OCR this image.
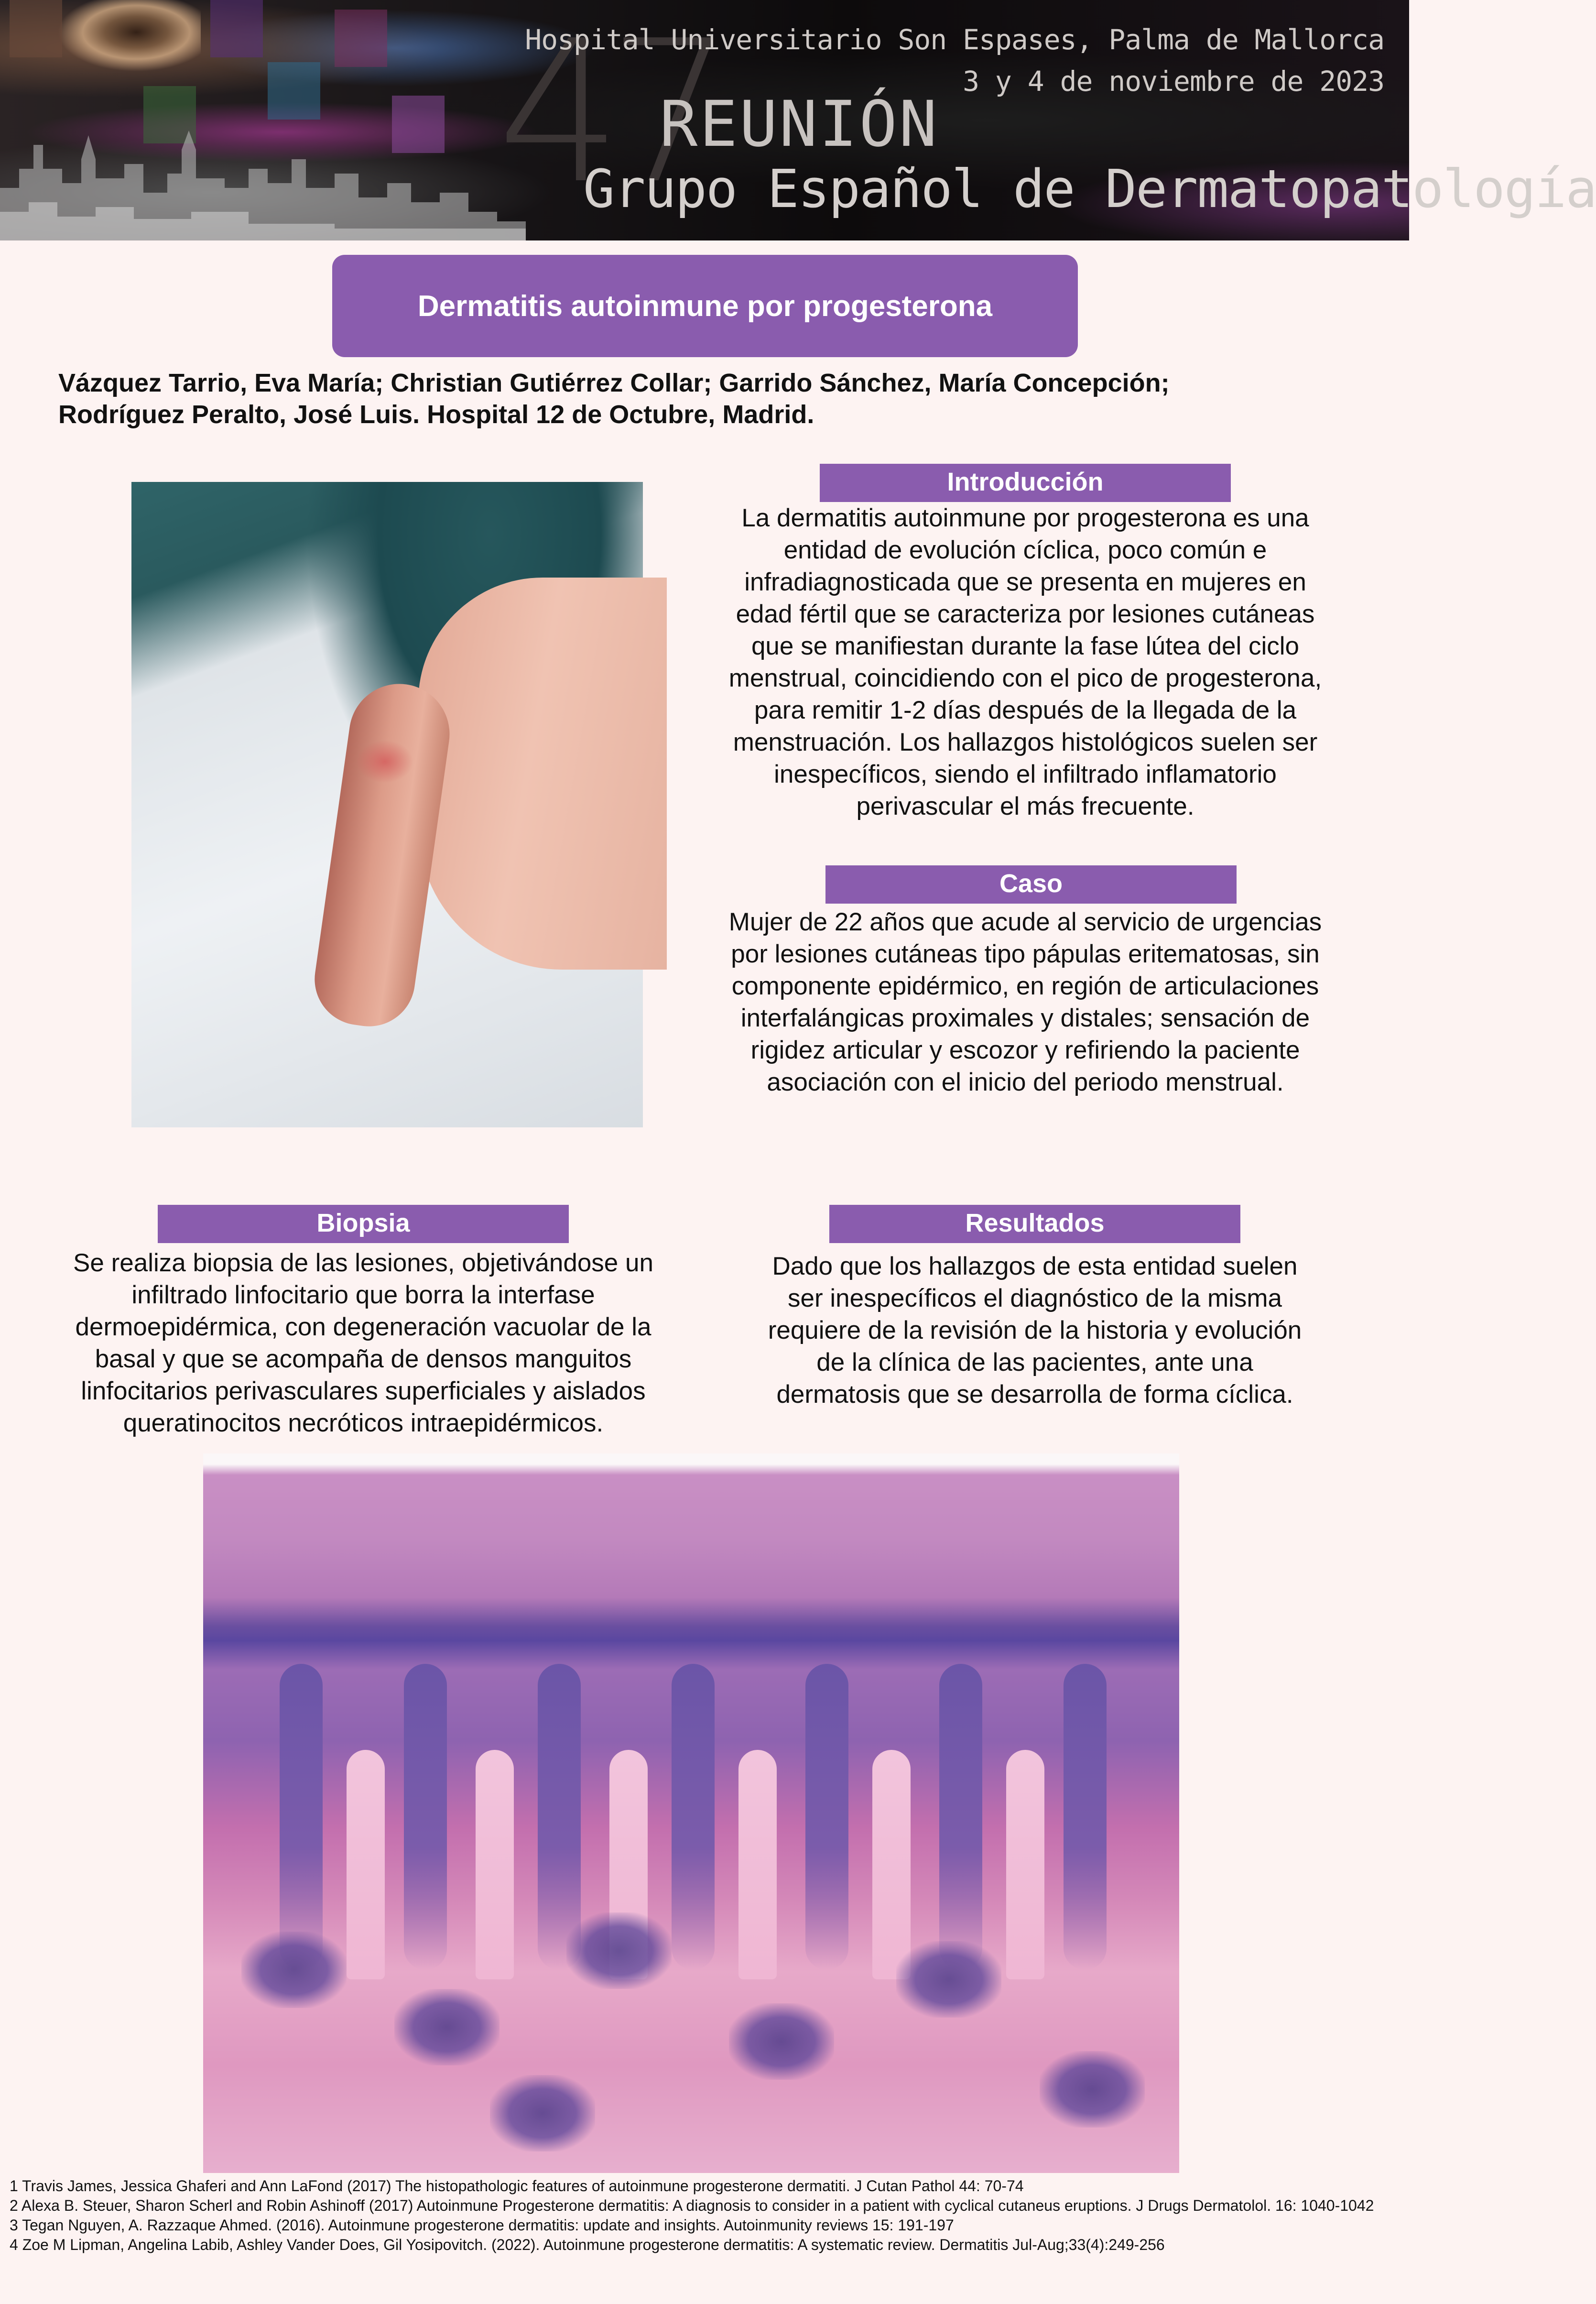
47
REUNIÓN
Grupo Español de Dermatopatología
Hospital Universitario Son Espases, Palma de Mallorca
3 y 4 de noviembre de 2023
Dermatitis autoinmune por progesterona
Vázquez Tarrio, Eva María; Christian Gutiérrez Collar; Garrido Sánchez, María Concepción;
Rodríguez Peralto, José Luis. Hospital 12 de Octubre, Madrid.
Introducción
La dermatitis autoinmune por progesterona es una
entidad de evolución cíclica, poco común e
infradiagnosticada que se presenta en mujeres en
edad fértil que se caracteriza por lesiones cutáneas
que se manifiestan durante la fase lútea del ciclo
menstrual, coincidiendo con el pico de progesterona,
para remitir 1-2 días después de la llegada de la
menstruación. Los hallazgos histológicos suelen ser
inespecíficos, siendo el infiltrado inflamatorio
perivascular el más frecuente.
Caso
Mujer de 22 años que acude al servicio de urgencias
por lesiones cutáneas tipo pápulas eritematosas, sin
componente epidérmico, en región de articulaciones
interfalángicas proximales y distales; sensación de
rigidez articular y escozor y refiriendo la paciente
asociación con el inicio del periodo menstrual.
Biopsia
Se realiza biopsia de las lesiones, objetivándose un
infiltrado linfocitario que borra la interfase
dermoepidérmica, con degeneración vacuolar de la
basal y que se acompaña de densos manguitos
linfocitarios perivasculares superficiales y aislados
queratinocitos necróticos intraepidérmicos.
Resultados
Dado que los hallazgos de esta entidad suelen
ser inespecíficos el diagnóstico de la misma
requiere de la revisión de la historia y evolución
de la clínica de las pacientes, ante una
dermatosis que se desarrolla de forma cíclica.
1 Travis James, Jessica Ghaferi and Ann LaFond (2017) The histopathologic features of autoinmune progesterone dermatiti. J Cutan Pathol 44: 70-74
2 Alexa B. Steuer, Sharon Scherl and Robin Ashinoff (2017) Autoinmune Progesterone dermatitis: A diagnosis to consider in a patient with cyclical cutaneus eruptions. J Drugs Dermatolol. 16: 1040-1042
3 Tegan Nguyen, A. Razzaque Ahmed. (2016). Autoinmune progesterone dermatitis: update and insights. Autoinmunity reviews 15: 191-197
4 Zoe M Lipman, Angelina Labib, Ashley Vander Does, Gil Yosipovitch. (2022). Autoinmune progesterone dermatitis: A systematic review. Dermatitis Jul-Aug;33(4):249-256
